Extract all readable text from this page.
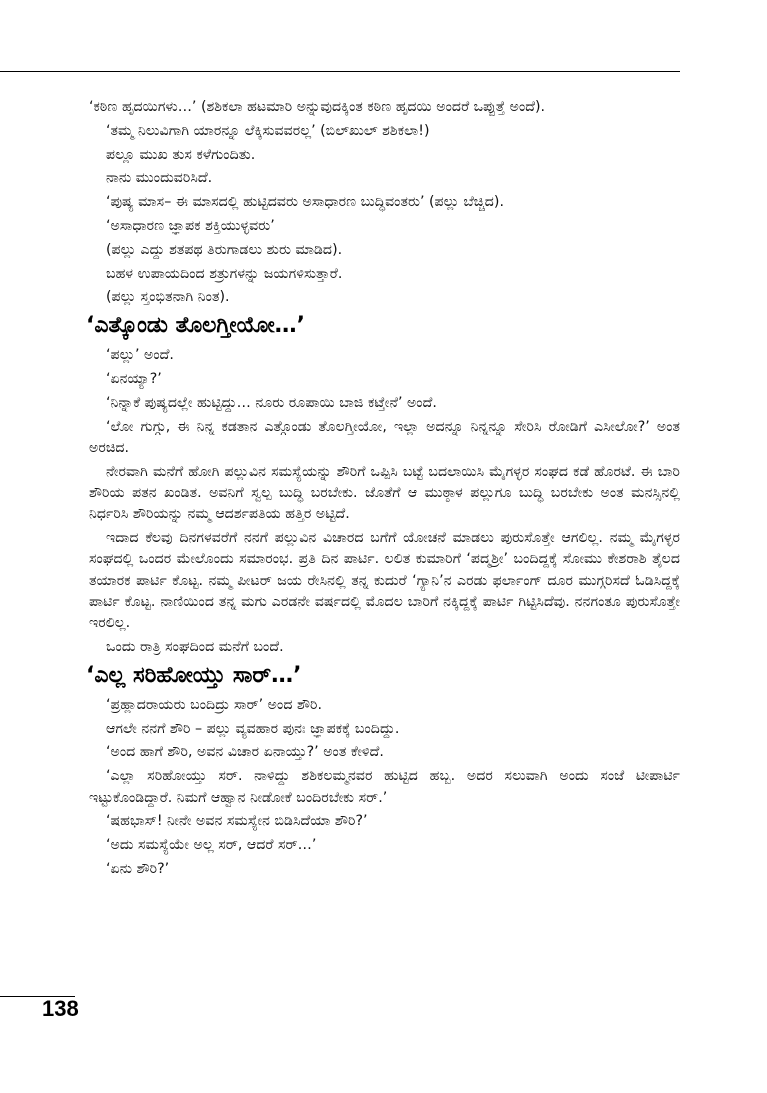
‘ಕಠಿಣ ಹೃದಯಿಗಳು…’ (ಶಶಿಕಲಾ ಹಟಮಾರಿ ಅನ್ನುವುದಕ್ಕಿಂತ ಕಠಿಣ ಹೃದಯಿ ಅಂದರೆ ಒಪ್ಪುತ್ತೆ ಅಂದೆ).

‘ತಮ್ಮ ನಿಲುವಿಗಾಗಿ ಯಾರನ್ನೂ ಲೆಕ್ಕಿಸುವವರಲ್ಲ’ (ಬಿಲ್‌ಖುಲ್ ಶಶಿಕಲಾ!)

ಪಲ್ಲೂ ಮುಖ ತುಸ ಕಳೆಗುಂದಿತು.

ನಾನು ಮುಂದುವರಿಸಿದೆ.

‘ಪುಷ್ಯ ಮಾಸ– ಈ ಮಾಸದಲ್ಲಿ ಹುಟ್ಟಿದವರು ಅಸಾಧಾರಣ ಬುದ್ಧಿವಂತರು’ (ಪಲ್ಲು ಬೆಚ್ಚಿದ).

‘ಅಸಾಧಾರಣ ಜ್ಞಾಪಕ ಶಕ್ತಿಯುಳ್ಳವರು’

(ಪಲ್ಲು ಎದ್ದು ಶತಪಥ ತಿರುಗಾಡಲು ಶುರು ಮಾಡಿದ).

ಬಹಳ ಉಪಾಯದಿಂದ ಶತ್ರುಗಳನ್ನು ಜಯಗಳಿಸುತ್ತಾರೆ.

(ಪಲ್ಲು ಸ್ತಂಭಿತನಾಗಿ ನಿಂತ).

‘ಎತ್ಕೊಂಡು ತೊಲಗ್ತೀಯೋ…’

‘ಪಲ್ಲು’ ಅಂದೆ.

‘ಏನಯ್ಯಾ?’

‘ನಿನ್ನಾಕೆ ಪುಷ್ಯದಲ್ಲೇ ಹುಟ್ಟಿದ್ದು… ನೂರು ರೂಪಾಯಿ ಬಾಜಿ ಕಟ್ತೇನೆ’ ಅಂದೆ.

‘ಲೋ ಗುಗ್ಗು, ಈ ನಿನ್ನ ಕಡತಾನ ಎತ್ಗೊಂಡು ತೊಲಗ್ತೀಯೋ, ಇಲ್ಲಾ ಅದನ್ನೂ ನಿನ್ನನ್ನೂ ಸೇರಿಸಿ ರೋಡಿಗೆ ಎಸೀಲೋ?’ ಅಂತ ಅರಚಿದ.

ನೇರವಾಗಿ ಮನೆಗೆ ಹೋಗಿ ಪಲ್ಲುವಿನ ಸಮಸ್ಯೆಯನ್ನು ಶೌರಿಗೆ ಒಪ್ಪಿಸಿ ಬಟ್ಟೆ ಬದಲಾಯಿಸಿ ಮೈಗಳ್ಳರ ಸಂಘದ ಕಡೆ ಹೊರಟೆ. ಈ ಬಾರಿ ಶೌರಿಯ ಪತನ ಖಂಡಿತ. ಅವನಿಗೆ ಸ್ವಲ್ಪ ಬುದ್ಧಿ ಬರಬೇಕು. ಜೊತೆಗೆ ಆ ಮುಠ್ಠಾಳ ಪಲ್ಲುಗೂ ಬುದ್ಧಿ ಬರಬೇಕು ಅಂತ ಮನಸ್ಸಿನಲ್ಲಿ ನಿರ್ಧರಿಸಿ ಶೌರಿಯನ್ನು ನಮ್ಮ ಆದರ್ಶಪತಿಯ ಹತ್ತಿರ ಅಟ್ಟಿದೆ.

ಇದಾದ ಕೆಲವು ದಿನಗಳವರೆಗೆ ನನಗೆ ಪಲ್ಲುವಿನ ವಿಚಾರದ ಬಗೆಗೆ ಯೋಚನೆ ಮಾಡಲು ಪುರುಸೊತ್ತೇ ಆಗಲಿಲ್ಲ. ನಮ್ಮ ಮೈಗಳ್ಳರ ಸಂಘದಲ್ಲಿ ಒಂದರ ಮೇಲೊಂದು ಸಮಾರಂಭ. ಪ್ರತಿ ದಿನ ಪಾರ್ಟಿ. ಲಲಿತ ಕುಮಾರಿಗೆ ‘ಪದ್ಮಶ್ರೀ’ ಬಂದಿದ್ದಕ್ಕೆ ಸೋಮು ಕೇಶರಾಶಿ ತೈಲದ ತಯಾರಕ ಪಾರ್ಟಿ ಕೊಟ್ಟ. ನಮ್ಮ ಪೀಟರ್ ಜಯ ರೇಸಿನಲ್ಲಿ ತನ್ನ ಕುದುರೆ ‘ಗ್ಯಾನಿ’ನ ಎರಡು ಫರ್ಲಾಂಗ್ ದೂರ ಮುಗ್ಗರಿಸದೆ ಓಡಿಸಿದ್ದಕ್ಕೆ ಪಾರ್ಟಿ ಕೊಟ್ಟ. ನಾಣಿಯಿಂದ ತನ್ನ ಮಗು ಎರಡನೇ ವರ್ಷದಲ್ಲಿ ಮೊದಲ ಬಾರಿಗೆ ನಕ್ಕಿದ್ದಕ್ಕೆ ಪಾರ್ಟಿ ಗಿಟ್ಟಿಸಿದೆವು. ನನಗಂತೂ ಪುರುಸೊತ್ತೇ ಇರಲಿಲ್ಲ.

ಒಂದು ರಾತ್ರಿ ಸಂಘದಿಂದ ಮನೆಗೆ ಬಂದೆ.

‘ಎಲ್ಲ ಸರಿಹೋಯ್ತು ಸಾರ್…’

‘ಪ್ರಹ್ಲಾದರಾಯರು ಬಂದಿದ್ರು ಸಾರ್’ ಅಂದ ಶೌರಿ.

ಆಗಲೇ ನನಗೆ ಶೌರಿ – ಪಲ್ಲು ವ್ಯವಹಾರ ಪುನಃ ಜ್ಞಾಪಕಕ್ಕೆ ಬಂದಿದ್ದು.

‘ಅಂದ ಹಾಗೆ ಶೌರಿ, ಅವನ ವಿಚಾರ ಏನಾಯ್ತು?’ ಅಂತ ಕೇಳಿದೆ.

‘ಎಲ್ಲಾ ಸರಿಹೋಯ್ತು ಸರ್. ನಾಳಿದ್ದು ಶಶಿಕಲಮ್ಮನವರ ಹುಟ್ಟಿದ ಹಬ್ಬ. ಅದರ ಸಲುವಾಗಿ ಅಂದು ಸಂಜೆ ಟೀಪಾರ್ಟಿ ಇಟ್ಟುಕೊಂಡಿದ್ದಾರೆ. ನಿಮಗೆ ಆಹ್ವಾನ ನೀಡೋಕೆ ಬಂದಿರಬೇಕು ಸರ್.’

‘ಷಹಭಾಸ್! ನೀನೇ ಅವನ ಸಮಸ್ಯೇನ ಬಿಡಿಸಿದೆಯಾ ಶೌರಿ?’

‘ಅದು ಸಮಸ್ಯೆಯೇ ಅಲ್ಲ ಸರ್, ಆದರೆ ಸರ್…’

‘ಏನು ಶೌರಿ?’

138
